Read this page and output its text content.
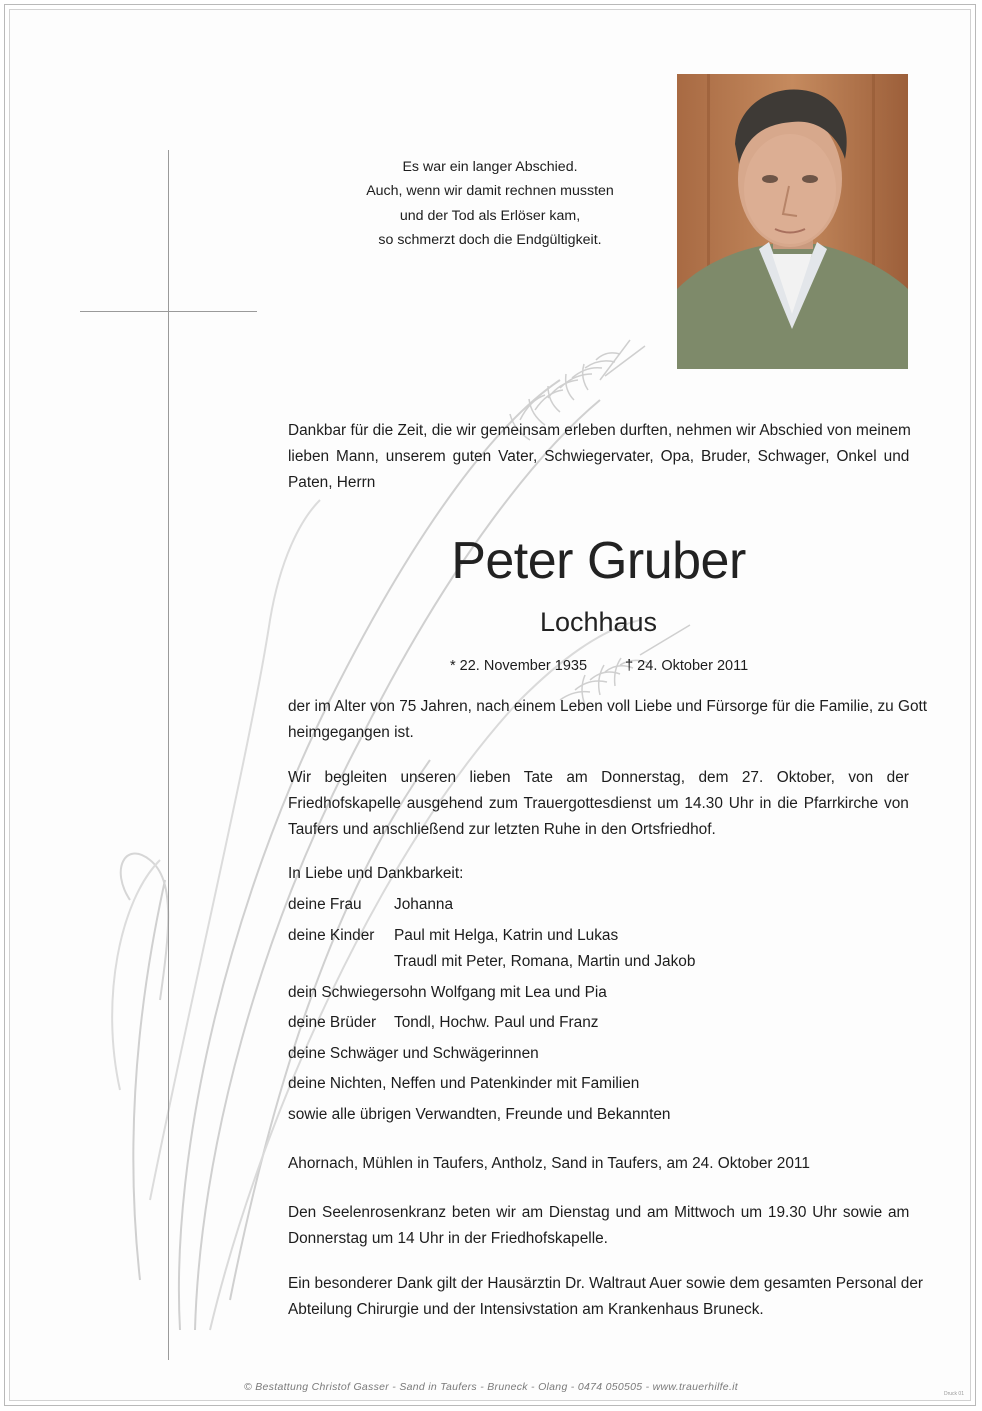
Es war ein langer Abschied.
Auch, wenn wir damit rechnen mussten
und der Tod als Erlöser kam,
so schmerzt doch die Endgültigkeit.
Dankbar für die Zeit, die wir gemeinsam erleben durften, nehmen wir Abschied von meinem
lieben Mann, unserem guten Vater, Schwiegervater, Opa, Bruder, Schwager, Onkel und
Paten, Herrn
Peter Gruber
Lochhaus
* 22. November 1935	† 24. Oktober 2011
der im Alter von 75 Jahren, nach einem Leben voll Liebe und Fürsorge für die Familie, zu Gott
heimgegangen ist.
Wir begleiten unseren lieben Tate am Donnerstag, dem 27. Oktober, von der
Friedhofskapelle ausgehend zum Trauergottesdienst um 14.30 Uhr in die Pfarrkirche von
Taufers und anschließend zur letzten Ruhe in den Ortsfriedhof.
In Liebe und Dankbarkeit:
deine Frau Johanna
deine Kinder Paul mit Helga, Katrin und Lukas
Traudl mit Peter, Romana, Martin und Jakob
dein Schwiegersohn Wolfgang mit Lea und Pia
deine Brüder Tondl, Hochw. Paul und Franz
deine Schwäger und Schwägerinnen
deine Nichten, Neffen und Patenkinder mit Familien
sowie alle übrigen Verwandten, Freunde und Bekannten
Ahornach, Mühlen in Taufers, Antholz, Sand in Taufers, am 24. Oktober 2011
Den Seelenrosenkranz beten wir am Dienstag und am Mittwoch um 19.30 Uhr sowie am
Donnerstag um 14 Uhr in der Friedhofskapelle.
Ein besonderer Dank gilt der Hausärztin Dr. Waltraut Auer sowie dem gesamten Personal der
Abteilung Chirurgie und der Intensivstation am Krankenhaus Bruneck.
© Bestattung Christof Gasser - Sand in Taufers - Bruneck - Olang - 0474 050505 - www.trauerhilfe.it
Druck 01
